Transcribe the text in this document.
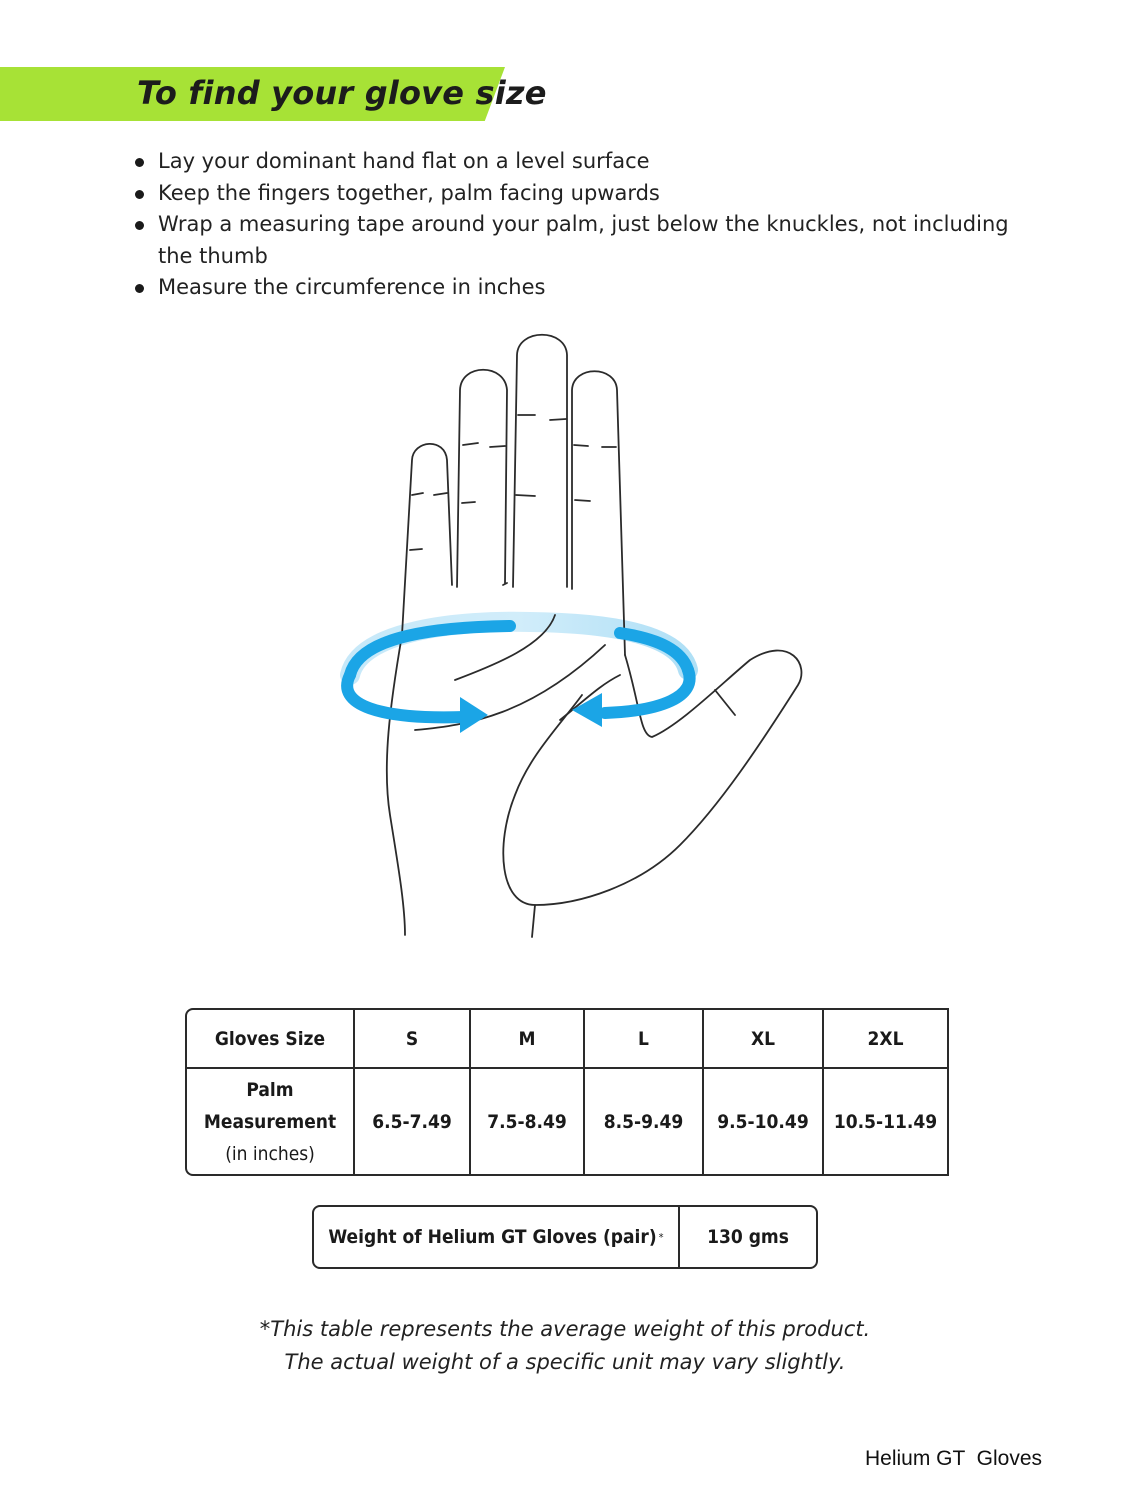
To find your glove size
Lay your dominant hand flat on a level surface
Keep the fingers together, palm facing upwards
Wrap a measuring tape around your palm, just below the knuckles, not including the thumb
Measure the circumference in inches
Gloves Size	S	M	L	XL	2XL

Palm
Measurement
(in inches)	6.5-7.49	7.5-8.49	8.5-9.49	9.5-10.49	10.5-11.49
Weight of Helium GT Gloves (pair) *	130 gms

*This table represents the average weight of this product.
The actual weight of a specific unit may vary slightly.

Helium GT  Gloves
